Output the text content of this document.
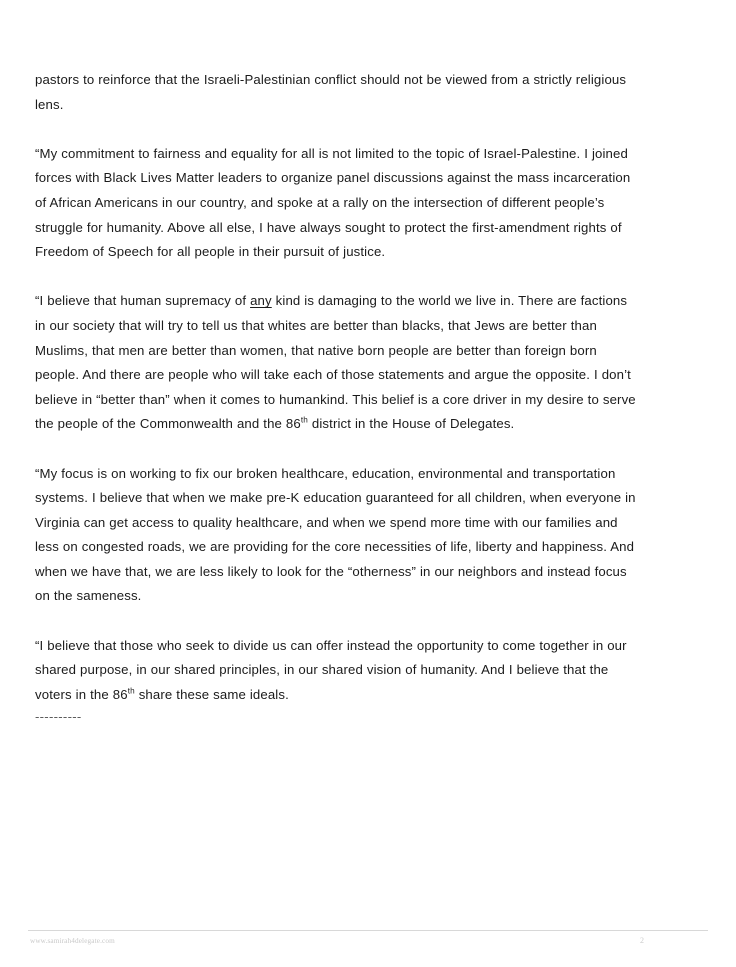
pastors to reinforce that the Israeli-Palestinian conflict should not be viewed from a strictly religious lens.

“My commitment to fairness and equality for all is not limited to the topic of Israel-Palestine. I joined forces with Black Lives Matter leaders to organize panel discussions against the mass incarceration of African Americans in our country, and spoke at a rally on the intersection of different people’s struggle for humanity. Above all else, I have always sought to protect the first-amendment rights of Freedom of Speech for all people in their pursuit of justice.

“I believe that human supremacy of any kind is damaging to the world we live in. There are factions in our society that will try to tell us that whites are better than blacks, that Jews are better than Muslims, that men are better than women, that native born people are better than foreign born people. And there are people who will take each of those statements and argue the opposite. I don’t believe in “better than” when it comes to humankind. This belief is a core driver in my desire to serve the people of the Commonwealth and the 86th district in the House of Delegates.

“My focus is on working to fix our broken healthcare, education, environmental and transportation systems. I believe that when we make pre-K education guaranteed for all children, when everyone in Virginia can get access to quality healthcare, and when we spend more time with our families and less on congested roads, we are providing for the core necessities of life, liberty and happiness. And when we have that, we are less likely to look for the “otherness” in our neighbors and instead focus on the sameness.

“I believe that those who seek to divide us can offer instead the opportunity to come together in our shared purpose, in our shared principles, in our shared vision of humanity. And I believe that the voters in the 86th share these same ideals.

----------

www.samirah4delegate.com	2
